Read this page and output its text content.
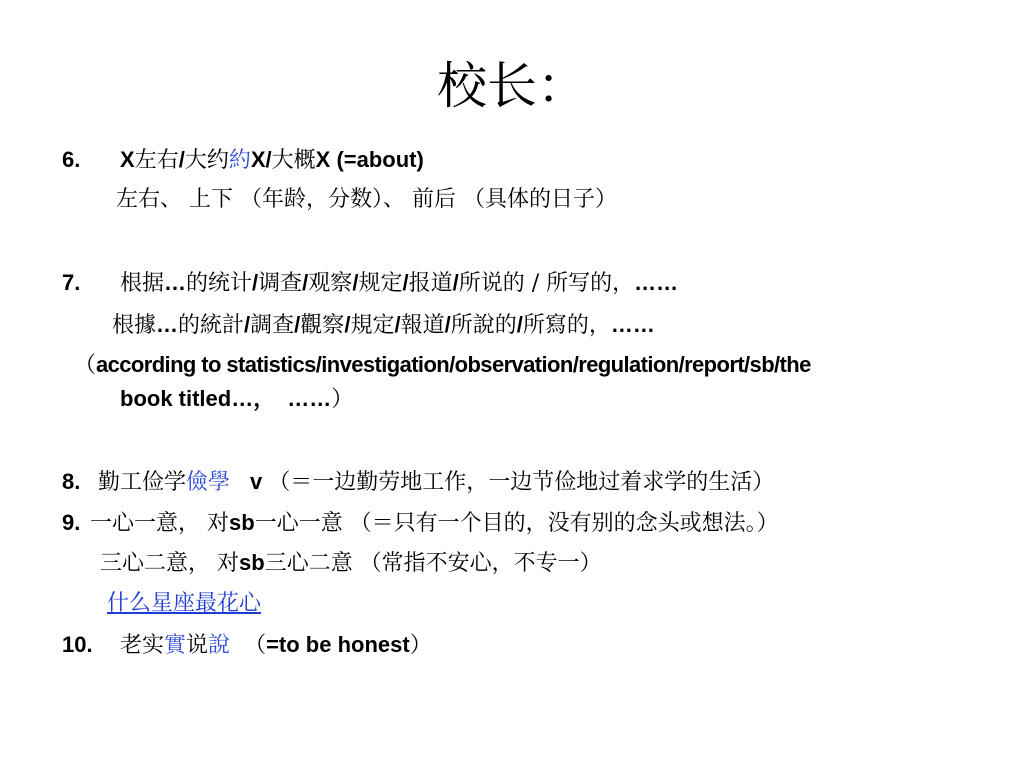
校长：
6. X左右/大约約X/大概X (=about)
左右、 上下 （年龄，分数）、 前后 （具体的日子）
7. 根据…的统计/调查/观察/规定/报道/所说的 / 所写的，……
根據…的統計/調查/觀察/規定/報道/所說的/所寫的，……
（according to statistics/investigation/observation/regulation/report/sb/the
book titled…， ……）
8. 勤工俭学儉學 v （＝一边勤劳地工作，一边节俭地过着求学的生活）
9. 一心一意， 对sb一心一意 （＝只有一个目的，没有别的念头或想法。）
三心二意， 对sb三心二意 （常指不安心，不专一）
什么星座最花心
10. 老实實说說 （=to be honest）
